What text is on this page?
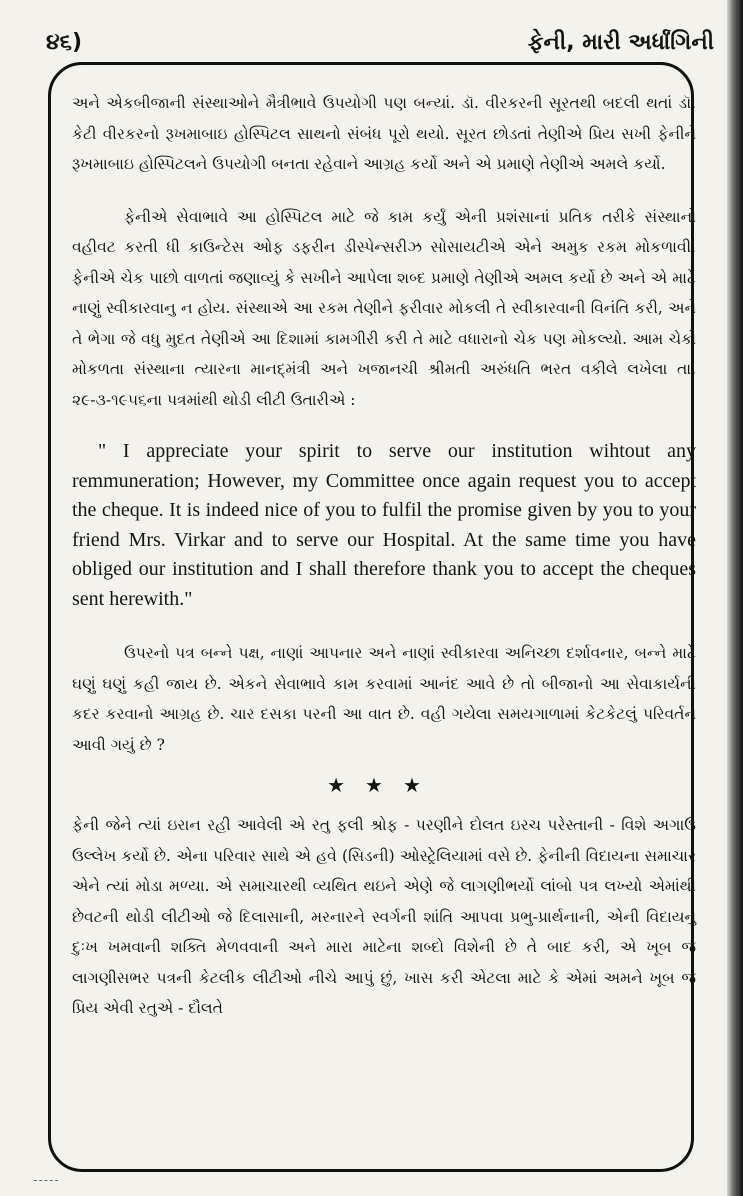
૪૬)	ફેની, મારી અર્ધાંગિની

અને એકબીજાની સંસ્થાઓને મૈત્રીભાવે ઉપયોગી પણ બન્યાં. ડૉ. વીરકરની સૂરતથી બદલી થતાં ડૉ. કેટી વીરકરનો રૂખમાબાઇ હોસ્પિટલ સાથનો સંબંધ પૂરો થયો. સૂરત છોડતાં તેણીએ પ્રિય સખી ફેનીને રૂખમાબાઇ હોસ્પિટલને ઉપયોગી બનતા રહેવાને આગ્રહ કર્યો અને એ પ્રમાણે તેણીએ અમલે કર્યો.

ફેનીએ સેવાભાવે આ હોસ્પિટલ માટે જે કામ કર્યું એની પ્રશંસાનાં પ્રતિક તરીકે સંસ્થાનો વહીવટ કરતી ધી કાઉન્ટેસ ઓફ ડફરીન ડીસ્પેન્સરીઝ સોસાયટીએ એને અમુક રકમ મોકળાવી. ફેનીએ ચેક પાછો વાળતાં જણાવ્યું કે સખીને આપેલા શબ્દ પ્રમાણે તેણીએ અમલ કર્યો છે અને એ માટે નાણું સ્વીકારવાનુ ન હોય. સંસ્થાએ આ રકમ તેણીને ફરીવાર મોકલી તે સ્વીકારવાની વિનંતિ કરી, અને તે ભેગા જે વધુ મુદત તેણીએ આ દિશામાં કામગીરી કરી તે માટે વધારાનો ચેક પણ મોકલ્યો. આમ ચેકો મોકળતા સંસ્થાના ત્યારના માનદ્‌મંત્રી અને ખજાનચી શ્રીમતી અરુંધતિ ભરત વકીલે લખેલા તા. ૨૯-૩-૧૯૫૬ના પત્રમાંથી થોડી લીટી ઉતારીએ :

" I appreciate your spirit to serve our institution wihtout any remmuneration; However, my Committee once again request you to accept the cheque. It is indeed nice of you to fulfil the promise given by you to your friend Mrs. Virkar and to serve our Hospital. At the same time you have obliged our institution and I shall therefore thank you to accept the cheques sent herewith."

ઉપરનો પત્ર બન્ને પક્ષ, નાણાં આપનાર અને નાણાં સ્વીકારવા અનિચ્છા દર્શાવનાર, બન્ને માટે ઘણું ઘણું કહી જાય છે. એકને સેવાભાવે કામ કરવામાં આનંદ આવે છે તો બીજાનો આ સેવાકાર્યની કદર કરવાનો આગ્રહ છે. ચાર દસકા પરની આ વાત છે. વહી ગયેલા સમયગાળામાં કેટકેટલું પરિવર્તન આવી ગયું છે ?

★★★

ફેની જેને ત્યાં ઇરાન રહી આવેલી એ રતુ ફલી શ્રોફ - પરણીને દોલત ઇરચ પરેસ્તાની - વિશે અગાઉ ઉલ્લેખ કર્યો છે. એના પરિવાર સાથે એ હવે (સિડની) ઓસ્ટ્રેલિયામાં વસે છે. ફેનીની વિદાયના સમાચાર એને ત્યાં મોડા મળ્યા. એ સમાચારથી વ્યથિત થઇને એણે જે લાગણીભર્યો લાંબો પત્ર લખ્યો એમાંથી છેવટની થોડી લીટીઓ જે દિલાસાની, મરનારને સ્વર્ગની શાંતિ આપવા પ્રભુ-પ્રાર્થનાની, એની વિદાયનું દુઃખ ખમવાની શક્તિ મેળવવાની અને મારા માટેના શબ્દો વિશેની છે તે બાદ કરી, એ ખૂબ જ લાગણીસભર પત્રની કેટલીક લીટીઓ નીચે આપું છું, ખાસ કરી એટલા માટે કે એમાં અમને ખૂબ જ પ્રિય એવી રતુએ - દૌલતે
